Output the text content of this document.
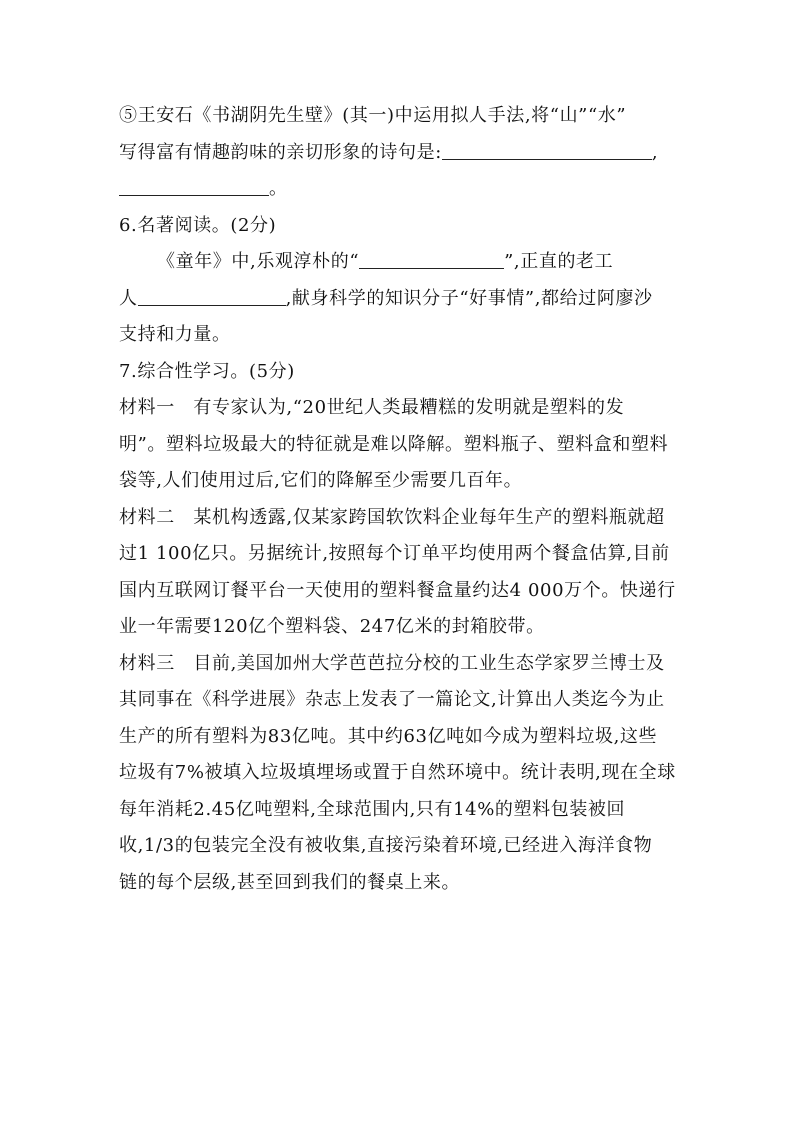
⑤王安石《书湖阴先生壁》(其一)中运用拟人手法,将“山”“水”
写得富有情趣韵味的亲切形象的诗句是:	,
。
6.名著阅读。(2分)
《童年》中,乐观淳朴的“	”,正直的老工
人	,献身科学的知识分子“好事情”,都给过阿廖沙
支持和力量。
7.综合性学习。(5分)
材料一　有专家认为,“20世纪人类最糟糕的发明就是塑料的发
明”。塑料垃圾最大的特征就是难以降解。塑料瓶子、塑料盒和塑料
袋等,人们使用过后,它们的降解至少需要几百年。
材料二　某机构透露,仅某家跨国软饮料企业每年生产的塑料瓶就超
过1 100亿只。另据统计,按照每个订单平均使用两个餐盒估算,目前
国内互联网订餐平台一天使用的塑料餐盒量约达4 000万个。快递行
业一年需要120亿个塑料袋、247亿米的封箱胶带。
材料三　目前,美国加州大学芭芭拉分校的工业生态学家罗兰博士及
其同事在《科学进展》杂志上发表了一篇论文,计算出人类迄今为止
生产的所有塑料为83亿吨。其中约63亿吨如今成为塑料垃圾,这些
垃圾有7%被填入垃圾填埋场或置于自然环境中。统计表明,现在全球
每年消耗2.45亿吨塑料,全球范围内,只有14%的塑料包装被回
收,1/3的包装完全没有被收集,直接污染着环境,已经进入海洋食物
链的每个层级,甚至回到我们的餐桌上来。
